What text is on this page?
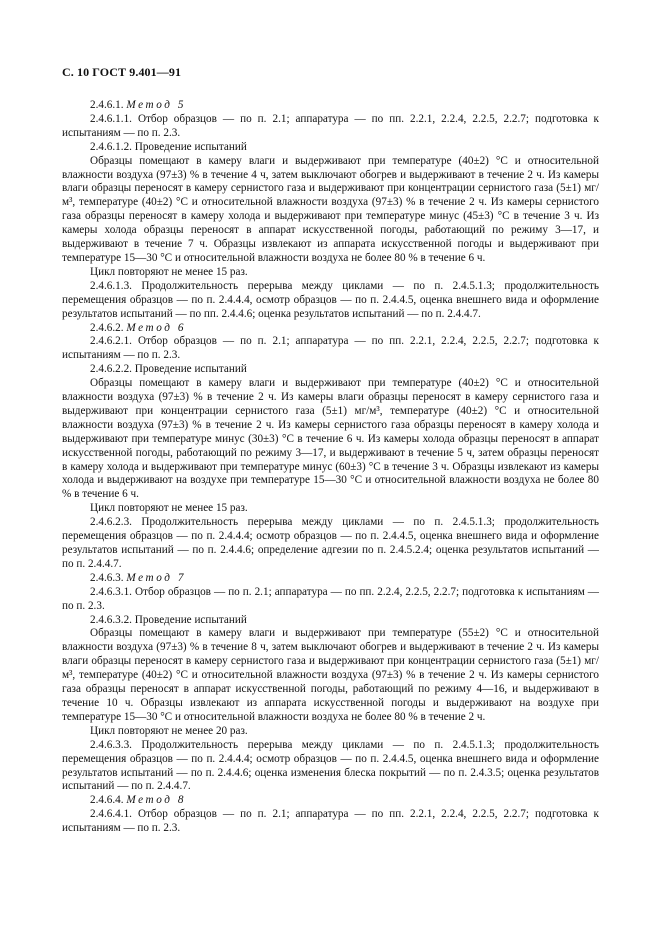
С. 10 ГОСТ 9.401—91

2.4.6.1. Метод 5

2.4.6.1.1. Отбор образцов — по п. 2.1; аппаратура — по пп. 2.2.1, 2.2.4, 2.2.5, 2.2.7; подготовка к испытаниям — по п. 2.3.

2.4.6.1.2. Проведение испытаний

Образцы помещают в камеру влаги и выдерживают при температуре (40±2) °С и относительной влажности воздуха (97±3) % в течение 4 ч, затем выключают обогрев и выдерживают в течение 2 ч. Из камеры влаги образцы переносят в камеру сернистого газа и выдерживают при концентрации сернистого газа (5±1) мг/м³, температуре (40±2) °С и относительной влажности воздуха (97±3) % в течение 2 ч. Из камеры сернистого газа образцы переносят в камеру холода и выдерживают при температуре минус (45±3) °С в течение 3 ч. Из камеры холода образцы переносят в аппарат искусственной погоды, работающий по режиму 3—17, и выдерживают в течение 7 ч. Образцы извлекают из аппарата искусственной погоды и выдерживают при температуре 15—30 °С и относительной влажности воздуха не более 80 % в течение 6 ч.

Цикл повторяют не менее 15 раз.

2.4.6.1.3. Продолжительность перерыва между циклами — по п. 2.4.5.1.3; продолжительность перемещения образцов — по п. 2.4.4.4, осмотр образцов — по п. 2.4.4.5, оценка внешнего вида и оформление результатов испытаний — по пп. 2.4.4.6; оценка результатов испытаний — по п. 2.4.4.7.

2.4.6.2. Метод 6

2.4.6.2.1. Отбор образцов — по п. 2.1; аппаратура — по пп. 2.2.1, 2.2.4, 2.2.5, 2.2.7; подготовка к испытаниям — по п. 2.3.

2.4.6.2.2. Проведение испытаний

Образцы помещают в камеру влаги и выдерживают при температуре (40±2) °С и относительной влажности воздуха (97±3) % в течение 2 ч. Из камеры влаги образцы переносят в камеру сернистого газа и выдерживают при концентрации сернистого газа (5±1) мг/м³, температуре (40±2) °С и относительной влажности воздуха (97±3) % в течение 2 ч. Из камеры сернистого газа образцы переносят в камеру холода и выдерживают при температуре минус (30±3) °С в течение 6 ч. Из камеры холода образцы переносят в аппарат искусственной погоды, работающий по режиму 3—17, и выдерживают в течение 5 ч, затем образцы переносят в камеру холода и выдерживают при температуре минус (60±3) °С в течение 3 ч. Образцы извлекают из камеры холода и выдерживают на воздухе при температуре 15—30 °С и относительной влажности воздуха не более 80 % в течение 6 ч.

Цикл повторяют не менее 15 раз.

2.4.6.2.3. Продолжительность перерыва между циклами — по п. 2.4.5.1.3; продолжительность перемещения образцов — по п. 2.4.4.4; осмотр образцов — по п. 2.4.4.5, оценка внешнего вида и оформление результатов испытаний — по п. 2.4.4.6; определение адгезии по п. 2.4.5.2.4; оценка результатов испытаний — по п. 2.4.4.7.

2.4.6.3. Метод 7

2.4.6.3.1. Отбор образцов — по п. 2.1; аппаратура — по пп. 2.2.4, 2.2.5, 2.2.7; подготовка к испытаниям — по п. 2.3.

2.4.6.3.2. Проведение испытаний

Образцы помещают в камеру влаги и выдерживают при температуре (55±2) °С и относительной влажности воздуха (97±3) % в течение 8 ч, затем выключают обогрев и выдерживают в течение 2 ч. Из камеры влаги образцы переносят в камеру сернистого газа и выдерживают при концентрации сернистого газа (5±1) мг/м³, температуре (40±2) °С и относительной влажности воздуха (97±3) % в течение 2 ч. Из камеры сернистого газа образцы переносят в аппарат искусственной погоды, работающий по режиму 4—16, и выдерживают в течение 10 ч. Образцы извлекают из аппарата искусственной погоды и выдерживают на воздухе при температуре 15—30 °С и относительной влажности воздуха не более 80 % в течение 2 ч.

Цикл повторяют не менее 20 раз.

2.4.6.3.3. Продолжительность перерыва между циклами — по п. 2.4.5.1.3; продолжительность перемещения образцов — по п. 2.4.4.4; осмотр образцов — по п. 2.4.4.5, оценка внешнего вида и оформление результатов испытаний — по п. 2.4.4.6; оценка изменения блеска покрытий — по п. 2.4.3.5; оценка результатов испытаний — по п. 2.4.4.7.

2.4.6.4. Метод 8

2.4.6.4.1. Отбор образцов — по п. 2.1; аппаратура — по пп. 2.2.1, 2.2.4, 2.2.5, 2.2.7; подготовка к испытаниям — по п. 2.3.
